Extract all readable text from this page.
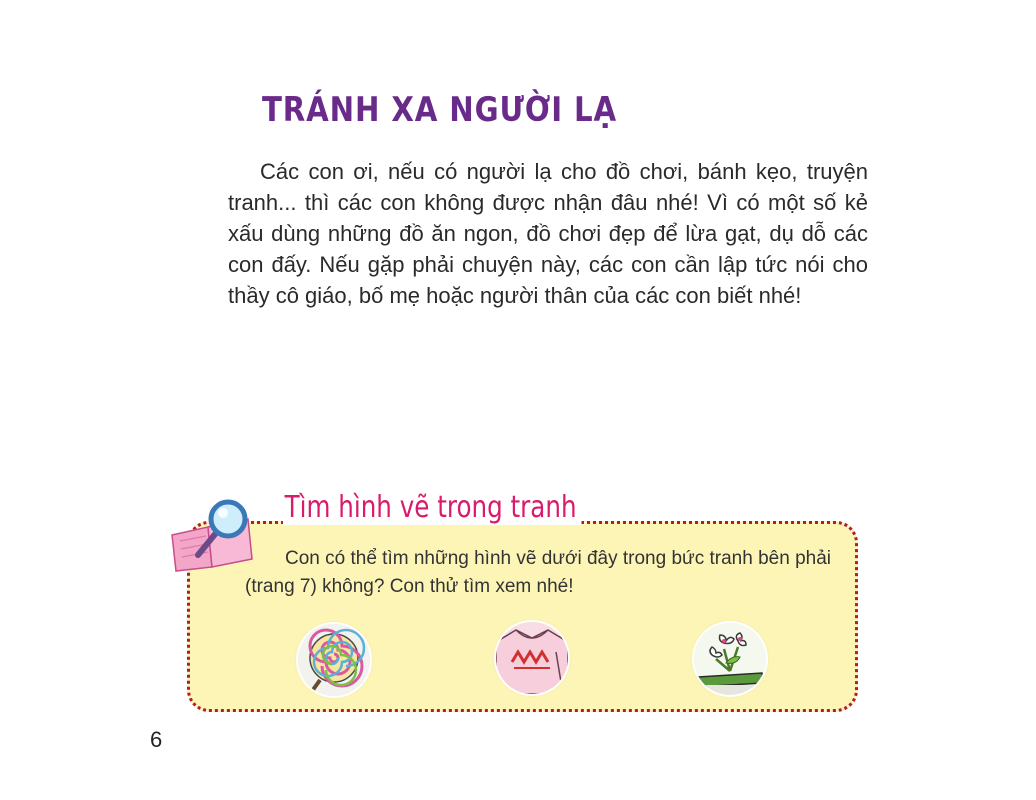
TRÁNH XA NGƯỜI LẠ

Các con ơi, nếu có người lạ cho đồ chơi, bánh kẹo, truyện
tranh... thì các con không được nhận đâu nhé! Vì có một số kẻ
xấu dùng những đồ ăn ngon, đồ chơi đẹp để lừa gạt, dụ dỗ các
con đấy. Nếu gặp phải chuyện này, các con cần lập tức nói cho
thầy cô giáo, bố mẹ hoặc người thân của các con biết nhé!

Tìm hình vẽ trong tranh

Con có thể tìm những hình vẽ dưới đây trong bức tranh bên phải
(trang 7) không? Con thử tìm xem nhé!

6
